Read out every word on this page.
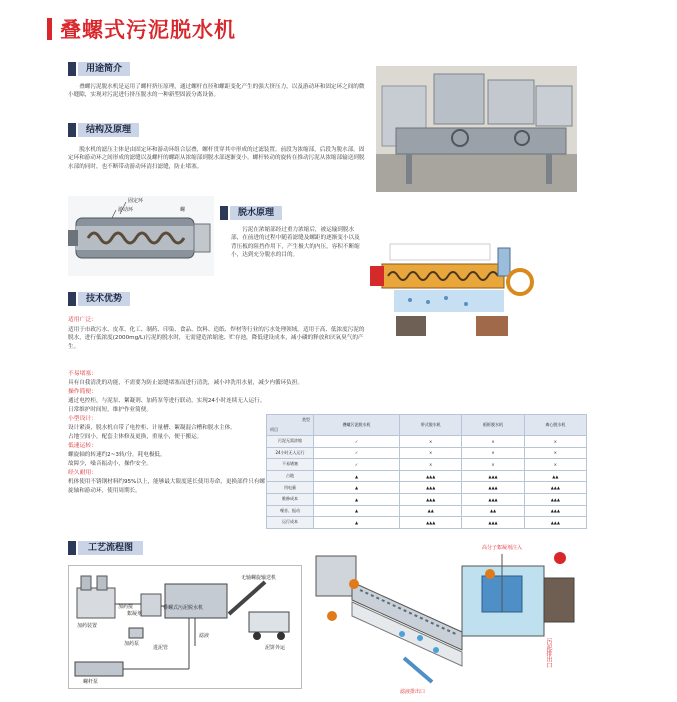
叠螺式污泥脱水机
用途简介

叠螺污泥脱水机是运用了螺杆挤压原理，通过螺杆直径和螺距变化产生的强大挤压力，以及游动环和固定环之间的微小缝隙，实现对污泥进行挤压脱水的一种新型固液分离设备。

结构及原理

脱水机的滤压主体是由固定环和游动环组合层叠，螺杆贯穿其中形成的过滤装置。前段为浓缩部，后段为脱水部。固定环和游动环之间形成的滤缝以及螺杆的螺距从浓缩部到脱水部逐渐变小。螺杆转动的旋转在推动污泥从浓缩部输送到脱水部的同时，也不断带动游动环清扫滤缝，防止堵塞。

固定环
游动环	螺	脱水原理

污泥在浓缩部经过重力浓缩后，被运输到脱水部，在前进的过程中随着滤缝及螺距的逐渐变小以及背压板的阻挡作用下，产生极大的内压，容积不断缩小，达到充分脱水的目的。

技术优势
适用广泛：

适用于市政污水、皮革、化工、制药、印染、食品、饮料、造纸、焊材等行业的污水处理领域。适用于高、低浓度污泥的脱水，进行低浓度(2000mg/L)污泥的脱水时，无需建造浓缩池、贮存池，降低建设成本，减小磷的释放和厌氧臭气的产生。

不易堵塞：
具有自我清洗的功能，不需要为防止滤缝堵塞而进行清洗，减小冲洗用水量，减少内循环负担。
操作简便：
通过电控柜，与泥泵、絮凝剂、加药泵等进行联动，实现24小时连续无人运行。
日常维护时间短，维护作业简便。
小型设计：
设计紧凑，脱水机自带了电控柜、计量槽、絮凝混合槽和脱水主体。
占地空间小，配套主体修及更换，重量小，便于搬运。
低速运转：
螺旋轴的转速约2~3转/分，耗电极低。
故障少，噪音振动小，操作安全。
经久耐用：
机体使用不锈钢材料约95%以上，能够最大限度延长使用寿命，更换部件只有螺旋轴和游动环，使用周期长。
类型
项目	叠螺污泥脱水机	带式脱水机	板框脱水机	离心脱水机
污泥无需浓缩	✓	×	×	×
24小时无人运行	✓	×	×	×
不易堵塞	✓	×	×	×
占地	▲	▲▲▲	▲▲▲	▲▲
用电量	▲	▲▲▲	▲▲▲	▲▲▲
维修成本	▲	▲▲▲	▲▲▲	▲▲▲
噪音、振动	▲	▲▲	▲▲	▲▲▲
运行成本	▲	▲▲▲	▲▲▲	▲▲▲
工艺流程图
加药搅
加药装置
絮凝剂
加药泵
叠螺式污泥脱水机
无轴螺旋输送机
泥饼外运
滤液
进泥管
螺杆泵
高分子絮凝剂注入
滤液排出口
污泥排出口
